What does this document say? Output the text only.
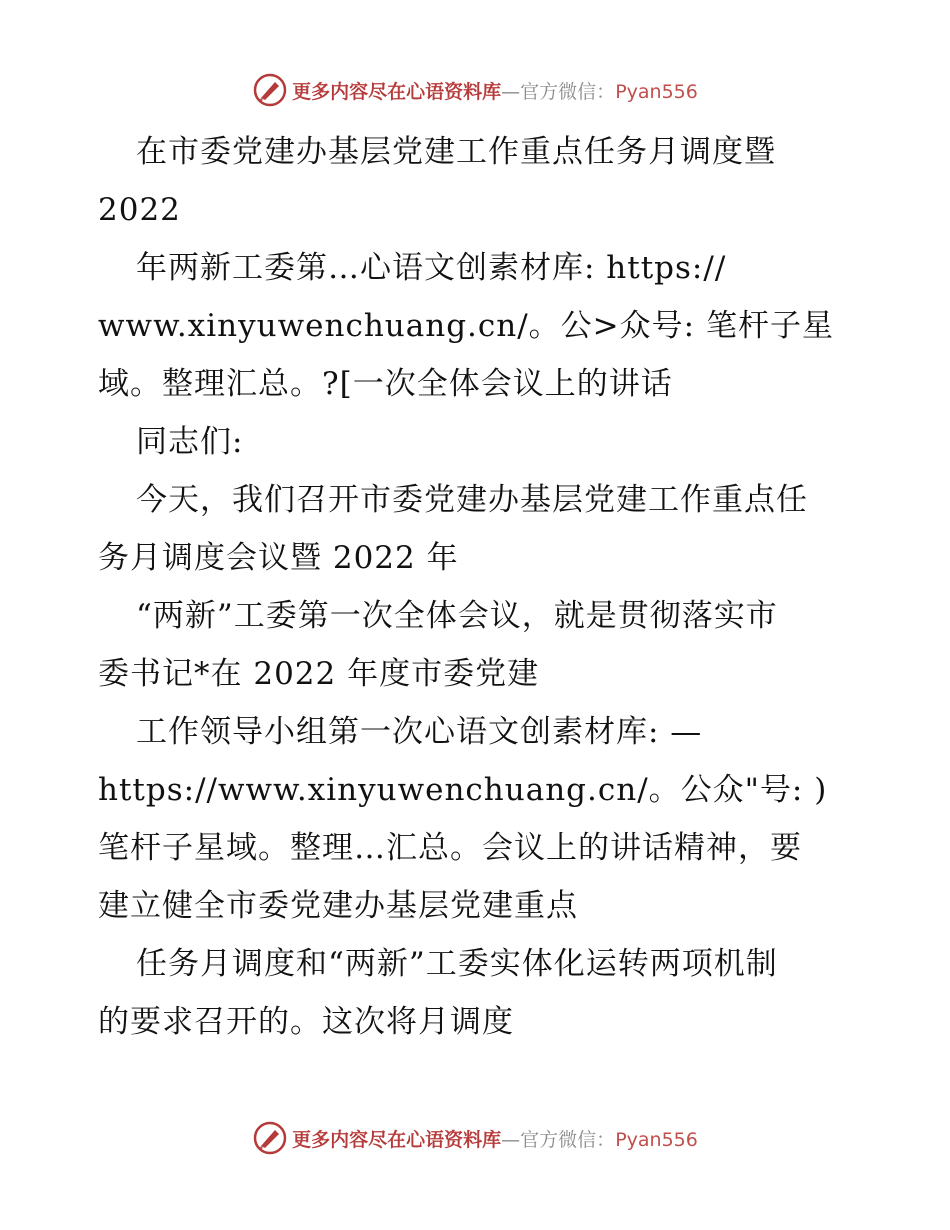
更多内容尽在心语资料库—官方微信：Pyan556
在市委党建办基层党建工作重点任务月调度暨
2022
年两新工委第…心语文创素材库: https://
www.xinyuwenchuang.cn/。公>众号: 笔杆子星
域。整理汇总。?[一次全体会议上的讲话
同志们:
今天，我们召开市委党建办基层党建工作重点任
务月调度会议暨 2022 年
“两新”工委第一次全体会议，就是贯彻落实市
委书记*在 2022 年度市委党建
工作领导小组第一次心语文创素材库: —
https://www.xinyuwenchuang.cn/。公众"号: )
笔杆子星域。整理…汇总。会议上的讲话精神，要
建立健全市委党建办基层党建重点
任务月调度和“两新”工委实体化运转两项机制
的要求召开的。这次将月调度
更多内容尽在心语资料库—官方微信：Pyan556
